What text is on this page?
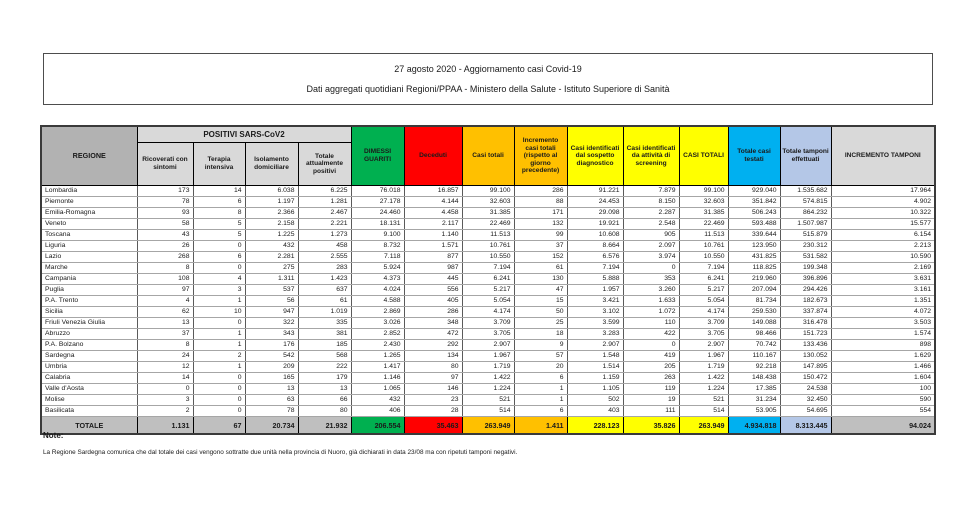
27 agosto 2020 - Aggiornamento casi Covid-19
Dati aggregati quotidiani Regioni/PPAA - Ministero della Salute - Istituto Superiore di Sanità
REGIONE	POSITIVI SARS-CoV2				DIMESSI GUARITI	Deceduti	Casi totali	Incremento casi totali (rispetto al giorno precedente)	Casi identificati dal sospetto diagnostico	Casi identificati da attività di screening	CASI TOTALI	Totale casi testati	Totale tamponi effettuati	INCREMENTO TAMPONI
	Ricoverati con sintomi	Terapia intensiva	Isolamento domiciliare	Totale attualmente positivi										
Lombardia	173	14	6.038	6.225	76.018	16.857	99.100	286	91.221	7.879	99.100	929.040	1.535.682	17.964
Piemonte	78	6	1.197	1.281	27.178	4.144	32.603	88	24.453	8.150	32.603	351.842	574.815	4.902
Emilia-Romagna	93	8	2.366	2.467	24.460	4.458	31.385	171	29.098	2.287	31.385	506.243	864.232	10.322
Veneto	58	5	2.158	2.221	18.131	2.117	22.469	132	19.921	2.548	22.469	593.488	1.507.987	15.577
Toscana	43	5	1.225	1.273	9.100	1.140	11.513	99	10.608	905	11.513	339.644	515.879	6.154
Liguria	26	0	432	458	8.732	1.571	10.761	37	8.664	2.097	10.761	123.950	230.312	2.213
Lazio	268	6	2.281	2.555	7.118	877	10.550	152	6.576	3.974	10.550	431.825	531.582	10.590
Marche	8	0	275	283	5.924	987	7.194	61	7.194	0	7.194	118.825	199.348	2.169
Campania	108	4	1.311	1.423	4.373	445	6.241	130	5.888	353	6.241	219.960	396.896	3.631
Puglia	97	3	537	637	4.024	556	5.217	47	1.957	3.260	5.217	207.094	294.426	3.161
P.A. Trento	4	1	56	61	4.588	405	5.054	15	3.421	1.633	5.054	81.734	182.673	1.351
Sicilia	62	10	947	1.019	2.869	286	4.174	50	3.102	1.072	4.174	259.530	337.874	4.072
Friuli Venezia Giulia	13	0	322	335	3.026	348	3.709	25	3.599	110	3.709	149.088	316.478	3.503
Abruzzo	37	1	343	381	2.852	472	3.705	18	3.283	422	3.705	98.466	151.723	1.574
P.A. Bolzano	8	1	176	185	2.430	292	2.907	9	2.907	0	2.907	70.742	133.436	898
Sardegna	24	2	542	568	1.265	134	1.967	57	1.548	419	1.967	110.167	130.052	1.629
Umbria	12	1	209	222	1.417	80	1.719	20	1.514	205	1.719	92.218	147.895	1.466
Calabria	14	0	165	179	1.146	97	1.422	6	1.159	263	1.422	148.438	150.472	1.604
Valle d'Aosta	0	0	13	13	1.065	146	1.224	1	1.105	119	1.224	17.385	24.538	100
Molise	3	0	63	66	432	23	521	1	502	19	521	31.234	32.450	590
Basilicata	2	0	78	80	406	28	514	6	403	111	514	53.905	54.695	554
TOTALE	1.131	67	20.734	21.932	206.554	35.463	263.949	1.411	228.123	35.826	263.949	4.934.818	8.313.445	94.024
Note:
La Regione Sardegna comunica che dal totale dei casi vengono sottratte due unità nella provincia di Nuoro, già dichiarati in data 23/08 ma con ripetuti tamponi negativi.
